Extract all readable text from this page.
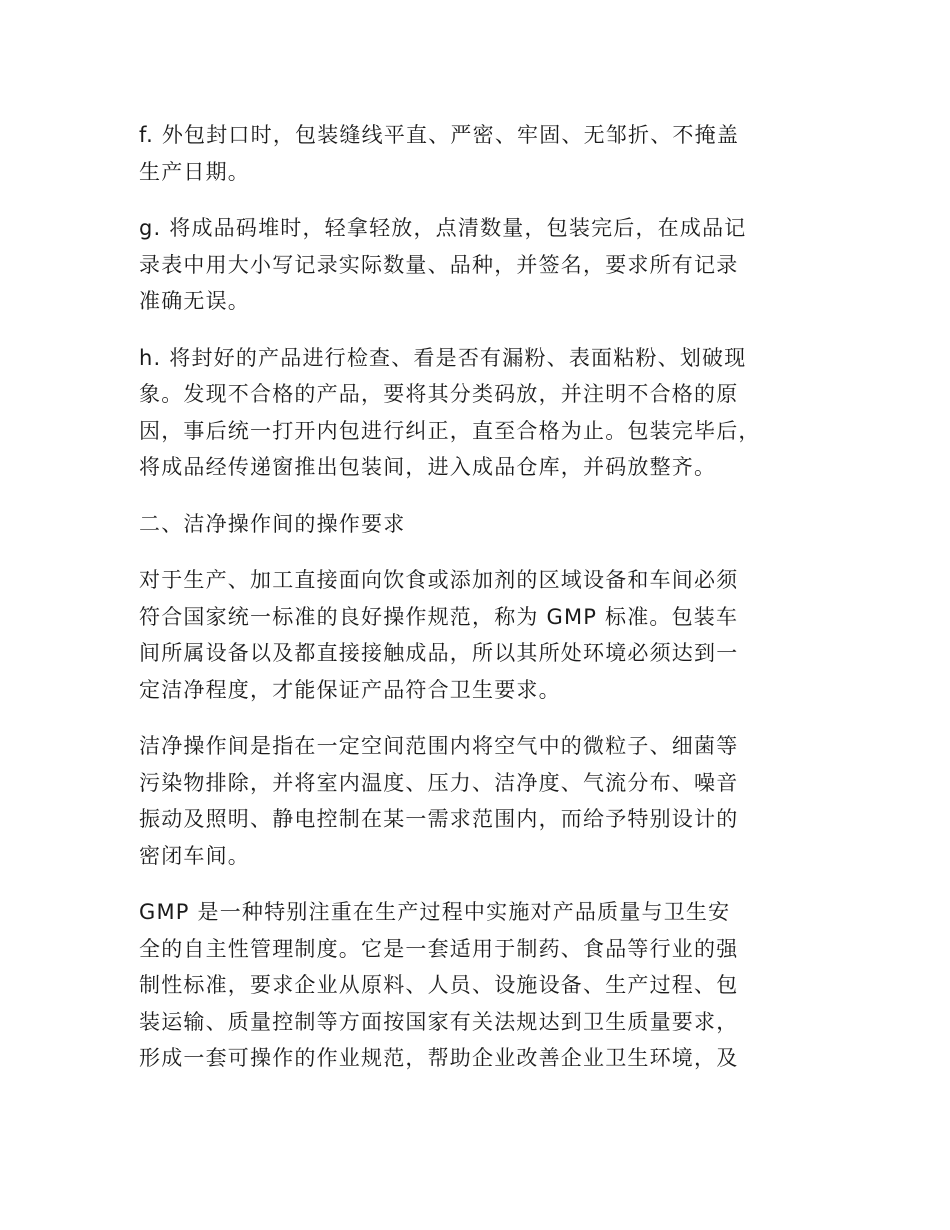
f. 外包封口时，包装缝线平直、严密、牢固、无邹折、不掩盖
生产日期。

g. 将成品码堆时，轻拿轻放，点清数量，包装完后，在成品记
录表中用大小写记录实际数量、品种，并签名，要求所有记录
准确无误。

h. 将封好的产品进行检查、看是否有漏粉、表面粘粉、划破现
象。发现不合格的产品，要将其分类码放，并注明不合格的原
因，事后统一打开内包进行纠正，直至合格为止。包装完毕后，
将成品经传递窗推出包装间，进入成品仓库，并码放整齐。

二、洁净操作间的操作要求

对于生产、加工直接面向饮食或添加剂的区域设备和车间必须
符合国家统一标准的良好操作规范，称为 GMP 标准。包装车
间所属设备以及都直接接触成品，所以其所处环境必须达到一
定洁净程度，才能保证产品符合卫生要求。

洁净操作间是指在一定空间范围内将空气中的微粒子、细菌等
污染物排除，并将室内温度、压力、洁净度、气流分布、噪音
振动及照明、静电控制在某一需求范围内，而给予特别设计的
密闭车间。

GMP 是一种特别注重在生产过程中实施对产品质量与卫生安
全的自主性管理制度。它是一套适用于制药、食品等行业的强
制性标准，要求企业从原料、人员、设施设备、生产过程、包
装运输、质量控制等方面按国家有关法规达到卫生质量要求，
形成一套可操作的作业规范，帮助企业改善企业卫生环境，及
